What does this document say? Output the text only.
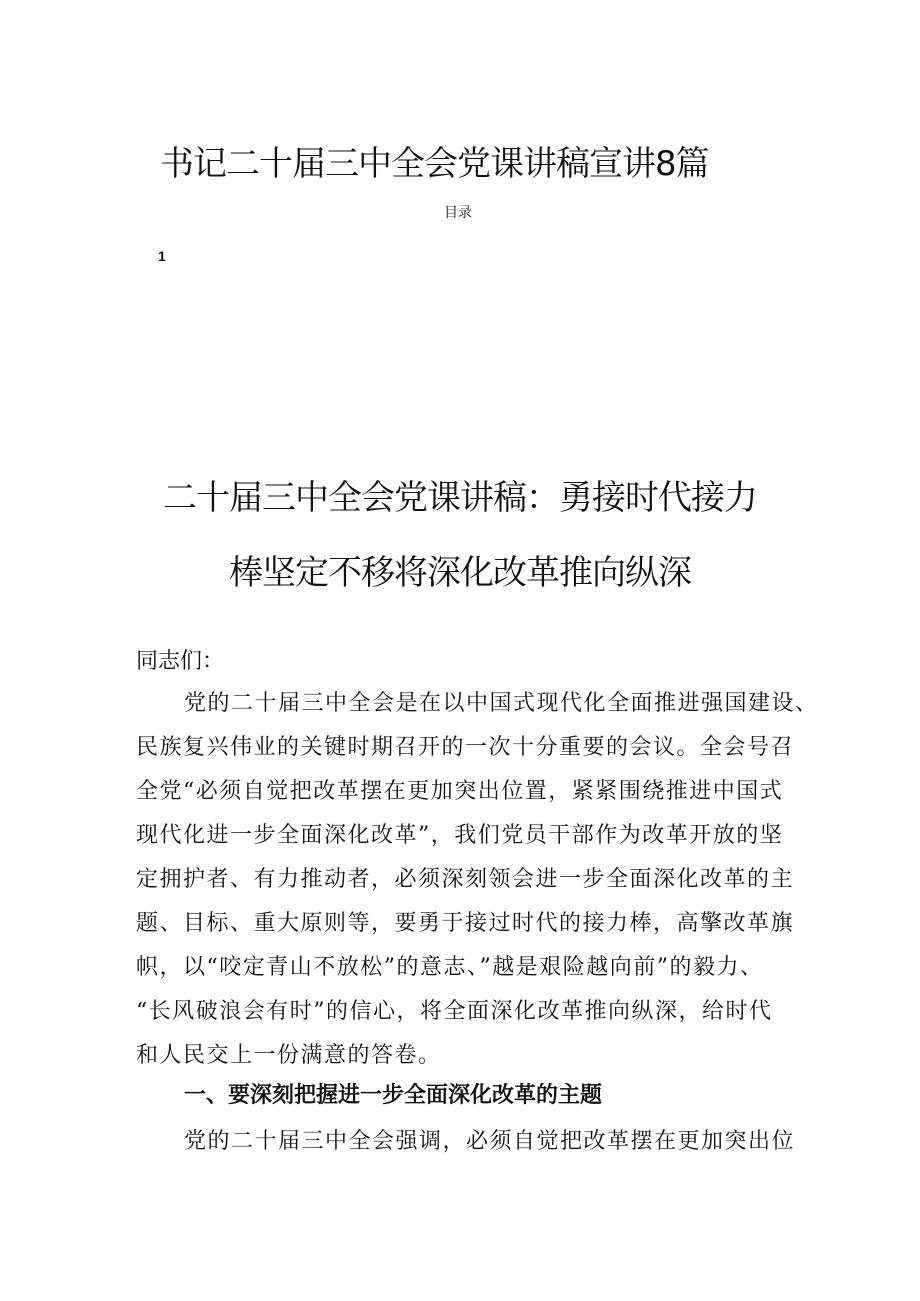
书记二十届三中全会党课讲稿宣讲8篇
目录
1
二十届三中全会党课讲稿：勇接时代接力
棒坚定不移将深化改革推向纵深
同志们：
党的二十届三中全会是在以中国式现代化全面推进强国建设、
民族复兴伟业的关键时期召开的一次十分重要的会议。全会号召
全党“必须自觉把改革摆在更加突出位置，紧紧围绕推进中国式
现代化进一步全面深化改革”，我们党员干部作为改革开放的坚
定拥护者、有力推动者，必须深刻领会进一步全面深化改革的主
题、目标、重大原则等，要勇于接过时代的接力棒，高擎改革旗
帜，以“咬定青山不放松”的意志、”越是艰险越向前”的毅力、
“长风破浪会有时”的信心，将全面深化改革推向纵深，给时代
和人民交上一份满意的答卷。
一、要深刻把握进一步全面深化改革的主题
党的二十届三中全会强调，必须自觉把改革摆在更加突出位
